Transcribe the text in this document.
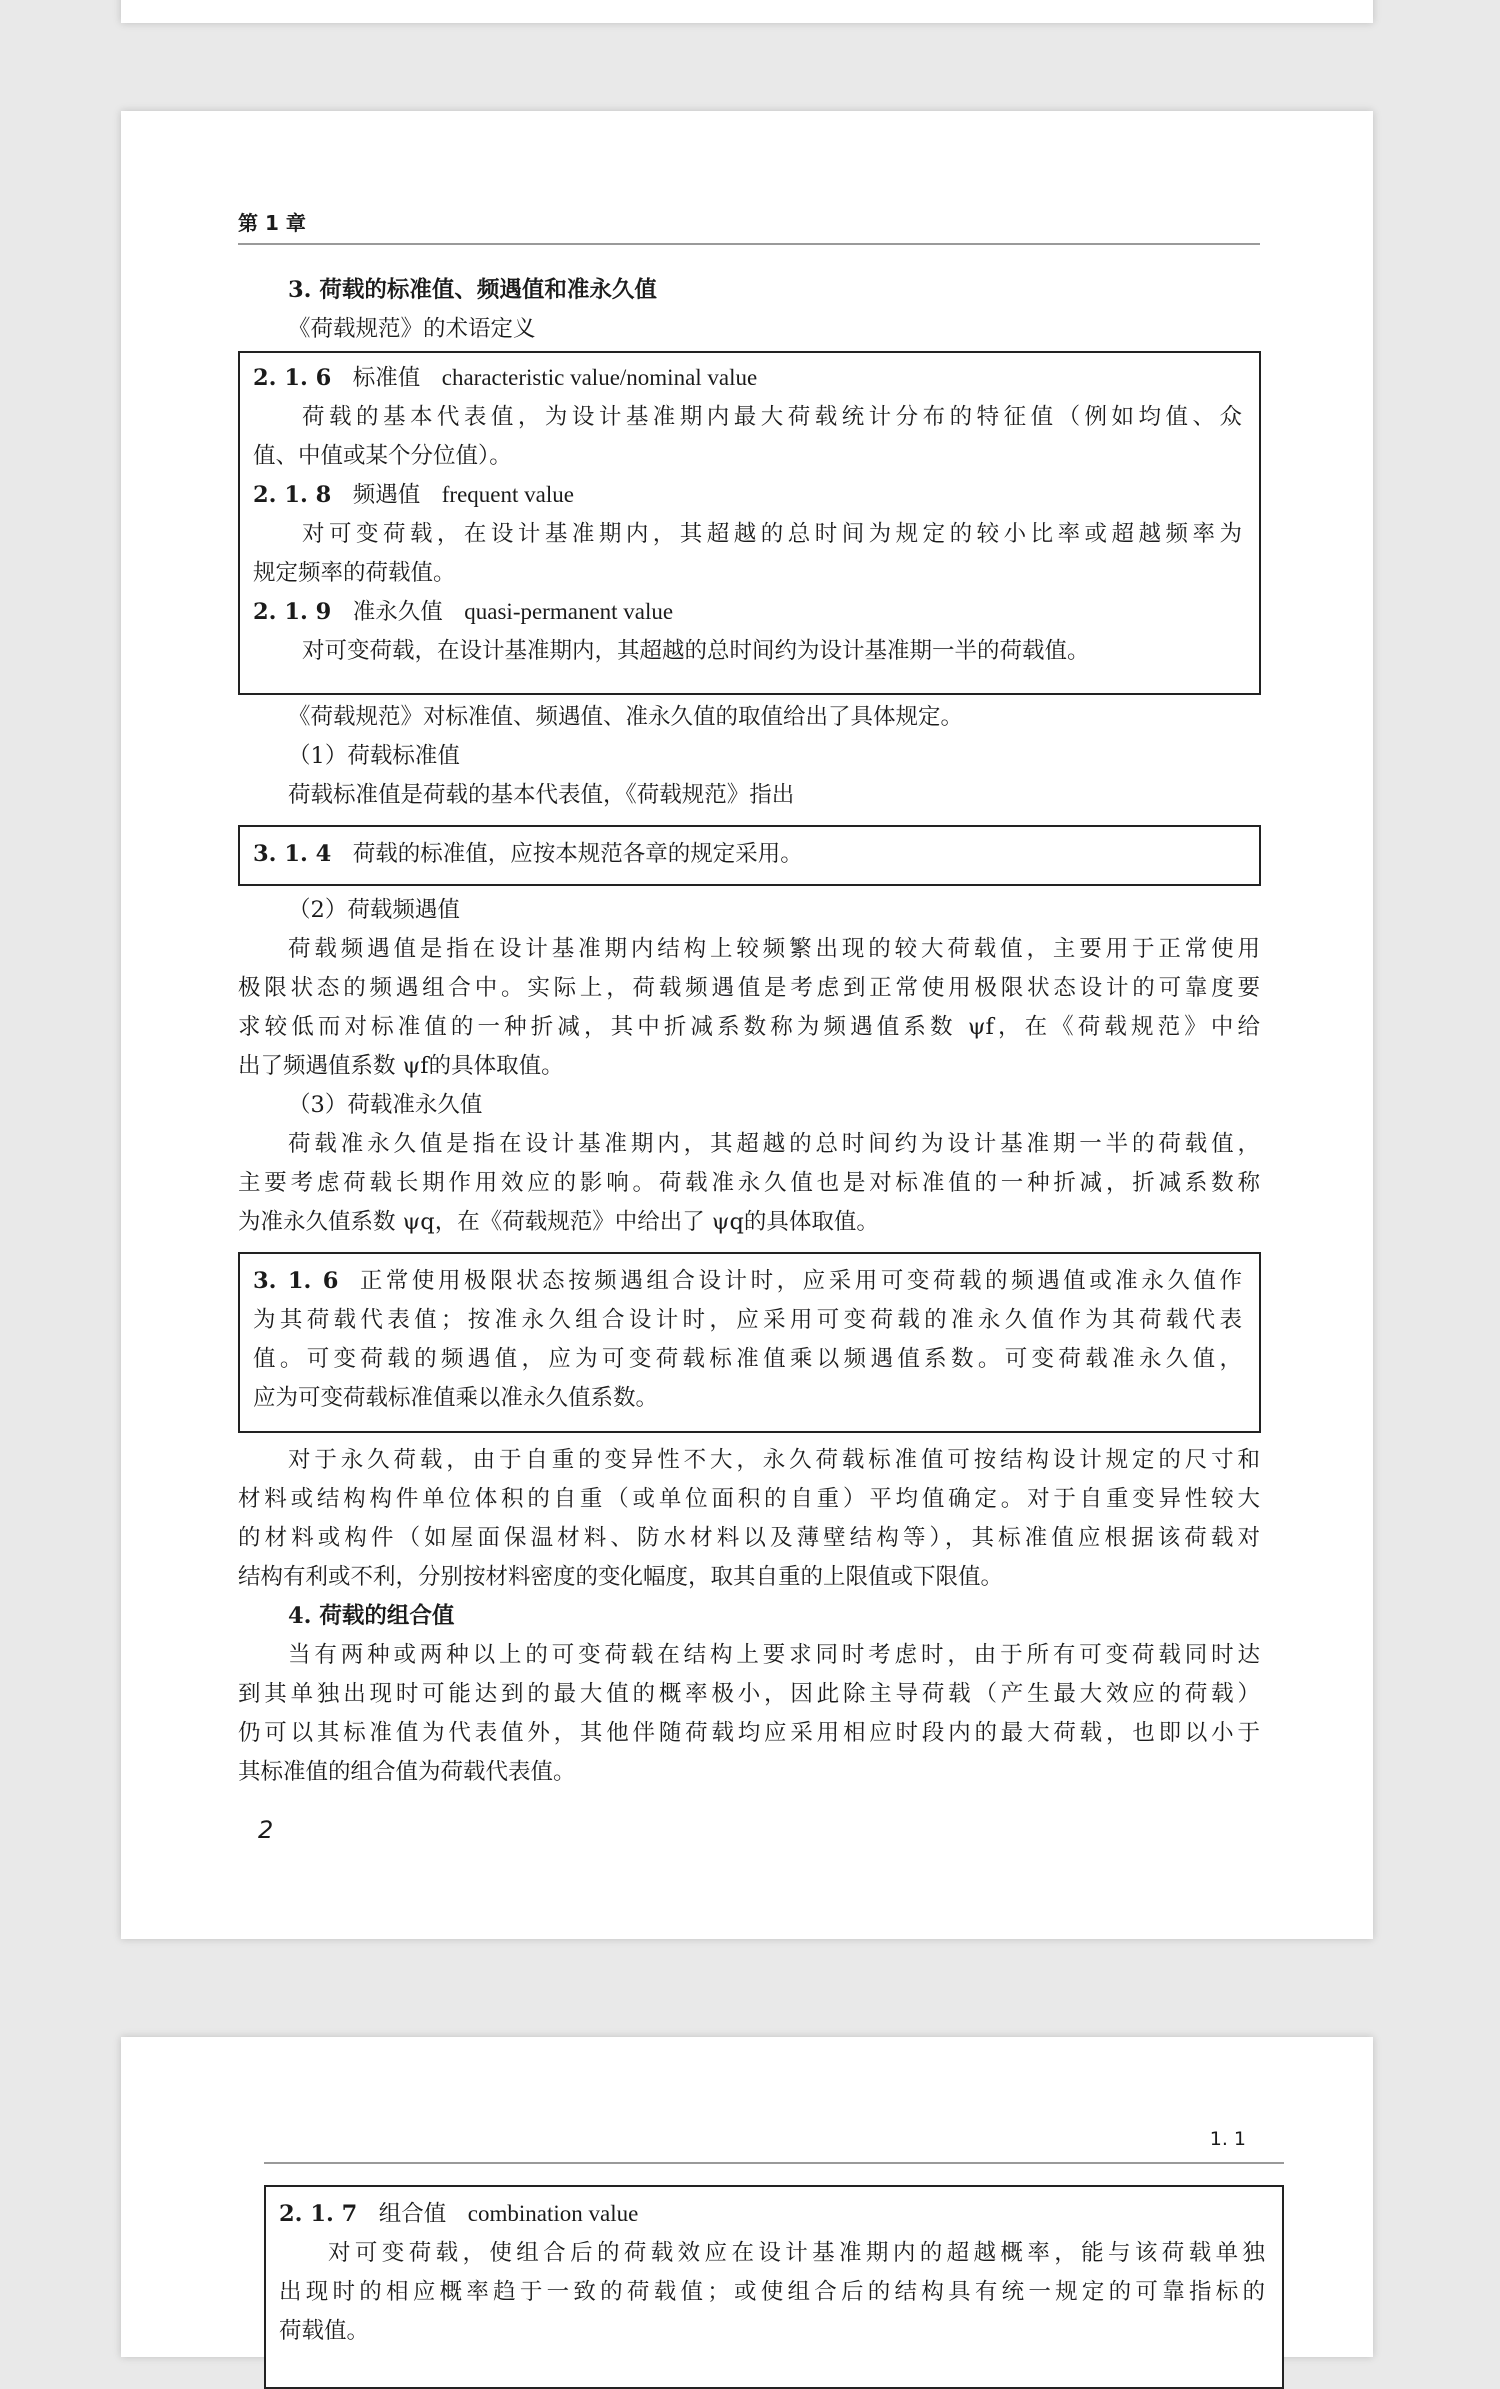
第 1 章
3. 荷载的标准值、频遇值和准永久值
《荷载规范》的术语定义
2. 1. 6 标准值 characteristic value/nominal value
荷载的基本代表值，为设计基准期内最大荷载统计分布的特征值（例如均值、众
值、中值或某个分位值）。
2. 1. 8 频遇值 frequent value
对可变荷载，在设计基准期内，其超越的总时间为规定的较小比率或超越频率为
规定频率的荷载值。
2. 1. 9 准永久值 quasi-permanent value
对可变荷载，在设计基准期内，其超越的总时间约为设计基准期一半的荷载值。
《荷载规范》对标准值、频遇值、准永久值的取值给出了具体规定。
（1）荷载标准值
荷载标准值是荷载的基本代表值，《荷载规范》指出
3. 1. 4 荷载的标准值，应按本规范各章的规定采用。
（2）荷载频遇值
荷载频遇值是指在设计基准期内结构上较频繁出现的较大荷载值，主要用于正常使用
极限状态的频遇组合中。实际上，荷载频遇值是考虑到正常使用极限状态设计的可靠度要
求较低而对标准值的一种折减，其中折减系数称为频遇值系数 ψf，在《荷载规范》中给
出了频遇值系数 ψf的具体取值。
（3）荷载准永久值
荷载准永久值是指在设计基准期内，其超越的总时间约为设计基准期一半的荷载值，
主要考虑荷载长期作用效应的影响。荷载准永久值也是对标准值的一种折减，折减系数称
为准永久值系数 ψq，在《荷载规范》中给出了 ψq的具体取值。
3. 1. 6 正常使用极限状态按频遇组合设计时，应采用可变荷载的频遇值或准永久值作
为其荷载代表值；按准永久组合设计时，应采用可变荷载的准永久值作为其荷载代表
值。可变荷载的频遇值，应为可变荷载标准值乘以频遇值系数。可变荷载准永久值，
应为可变荷载标准值乘以准永久值系数。
对于永久荷载，由于自重的变异性不大，永久荷载标准值可按结构设计规定的尺寸和
材料或结构构件单位体积的自重（或单位面积的自重）平均值确定。对于自重变异性较大
的材料或构件（如屋面保温材料、防水材料以及薄壁结构等），其标准值应根据该荷载对
结构有利或不利，分别按材料密度的变化幅度，取其自重的上限值或下限值。
4. 荷载的组合值
当有两种或两种以上的可变荷载在结构上要求同时考虑时，由于所有可变荷载同时达
到其单独出现时可能达到的最大值的概率极小，因此除主导荷载（产生最大效应的荷载）
仍可以其标准值为代表值外，其他伴随荷载均应采用相应时段内的最大荷载，也即以小于
其标准值的组合值为荷载代表值。
2
1. 1
2. 1. 7 组合值 combination value
对可变荷载，使组合后的荷载效应在设计基准期内的超越概率，能与该荷载单独
出现时的相应概率趋于一致的荷载值；或使组合后的结构具有统一规定的可靠指标的
荷载值。
